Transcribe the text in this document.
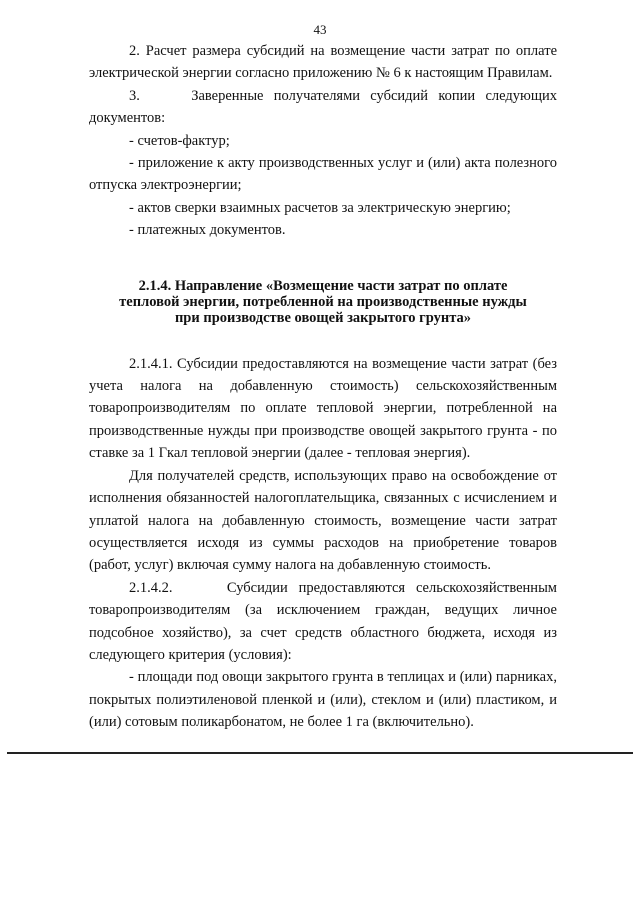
43

2. Расчет размера субсидий на возмещение части затрат по оплате электрической энергии согласно приложению № 6 к настоящим Правилам.

3.     Заверенные получателями субсидий копии следующих документов:

- счетов-фактур;

- приложение к акту производственных услуг и (или) акта полезного отпуска электроэнергии;

- актов сверки взаимных расчетов за электрическую энергию;

- платежных документов.

2.1.4. Направление «Возмещение части затрат по оплате
тепловой энергии, потребленной на производственные нужды
при производстве овощей закрытого грунта»

2.1.4.1. Субсидии предоставляются на возмещение части затрат (без учета налога на добавленную стоимость) сельскохозяйственным товаропроизводителям по оплате тепловой энергии, потребленной на производственные нужды при производстве овощей закрытого грунта - по ставке за 1 Гкал тепловой энергии (далее - тепловая энергия).

Для получателей средств, использующих право на освобождение от исполнения обязанностей налогоплательщика, связанных с исчислением и уплатой налога на добавленную стоимость, возмещение части затрат осуществляется исходя из суммы расходов на приобретение товаров (работ, услуг) включая сумму налога на добавленную стоимость.

2.1.4.2.     Субсидии предоставляются сельскохозяйственным товаропроизводителям (за исключением граждан, ведущих личное подсобное хозяйство), за счет средств областного бюджета, исходя из следующего критерия (условия):

- площади под овощи закрытого грунта в теплицах и (или) парниках, покрытых полиэтиленовой пленкой и (или), стеклом и (или) пластиком, и (или) сотовым поликарбонатом, не более 1 га (включительно).
